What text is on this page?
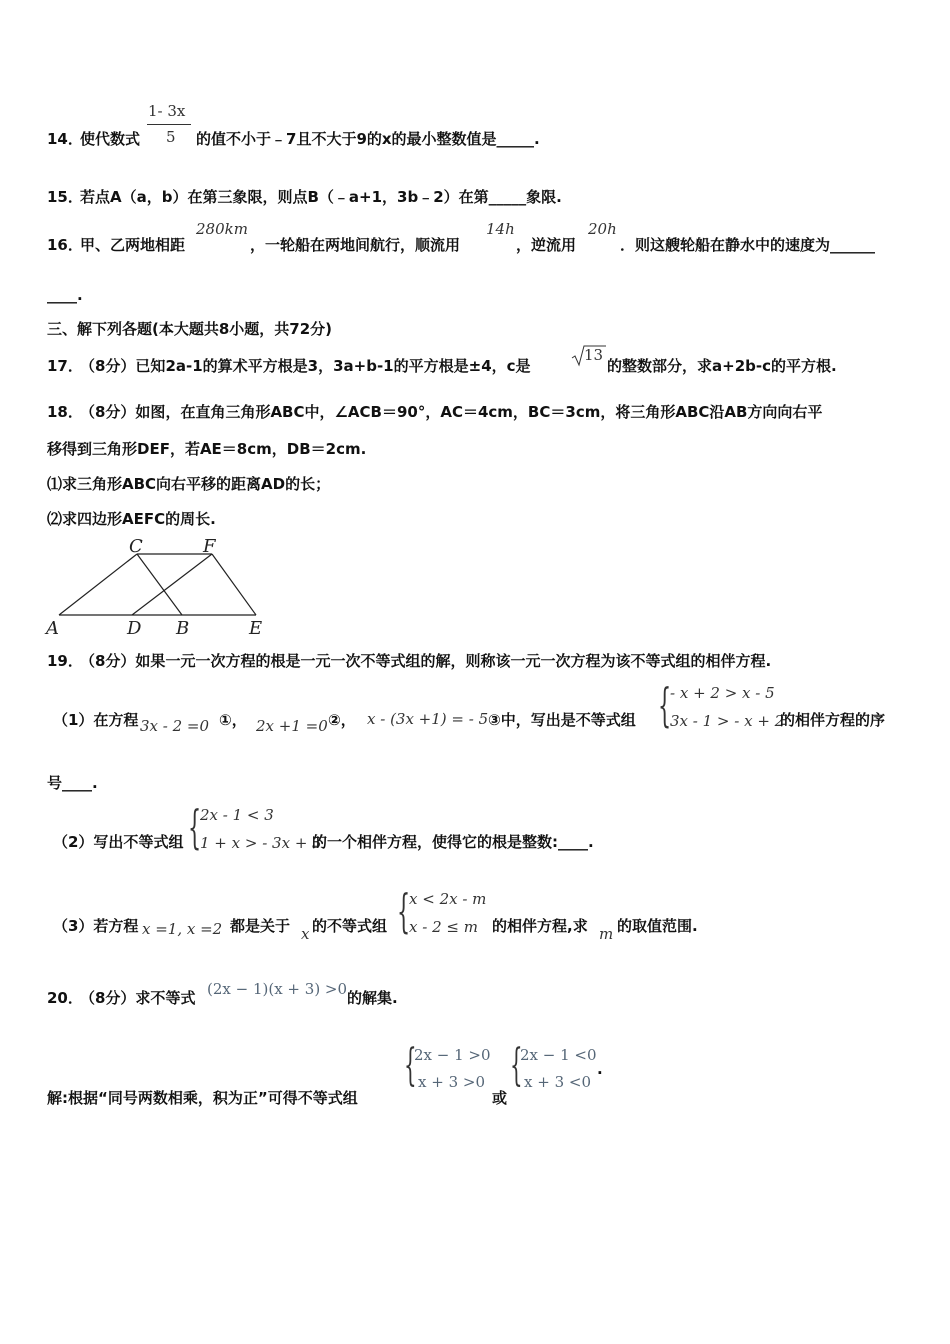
1- 3x
5
14．
使代数式	的值不小于﹣7且不大于9的x的最小整数值是_____.
15．
若点A（a，b）在第三象限，则点B（﹣a+1，3b﹣2）在第_____象限.
16．
甲、乙两地相距
280km
，一轮船在两地间航行，顺流用
14h
，逆流用
20h
．则这艘轮船在静水中的速度为______
____.
三、解下列各题(本大题共8小题，共72分)
17．
（8分）已知2a-1的算术平方根是3，3a+b-1的平方根是±4，c是
13
的整数部分，求a+2b-c的平方根.
18．
（8分）如图，在直角三角形ABC中，∠ACB＝90°，AC＝4cm，BC＝3cm，将三角形ABC沿AB方向向右平
移得到三角形DEF，若AE＝8cm，DB＝2cm.
⑴求三角形ABC向右平移的距离AD的长；
⑵求四边形AEFC的周长.
C	F
A	D B	E
19．
（8分）如果一元一次方程的根是一元一次不等式组的解，则称该一元一次方程为该不等式组的相伴方程.
（1）在方程 3x - 2 =0 ①， 2x +1 =0 ②， x - (3x +1) = - 5 ③中，写出是不等式组 {
- x + 2 > x - 5
3x - 1 > - x + 2
的相伴方程的序
号____.
（2）写出不等式组 {
2x - 1 < 3
1 + x > - 3x + 3
的一个相伴方程，使得它的根是整数:____.
（3）若方程 x =1, x =2 都是关于 x 的不等式组 {
x < 2x - m
x - 2 ≤ m 的相伴方程,求 m 的取值范围.
20．
（8分）求不等式 (2x − 1)(x + 3) >0 的解集.
解:根据“同号两数相乘，积为正”可得不等式组
{
2x − 1 >0
x + 3 >0
或
{
2x − 1 <0
x + 3 <0
.
